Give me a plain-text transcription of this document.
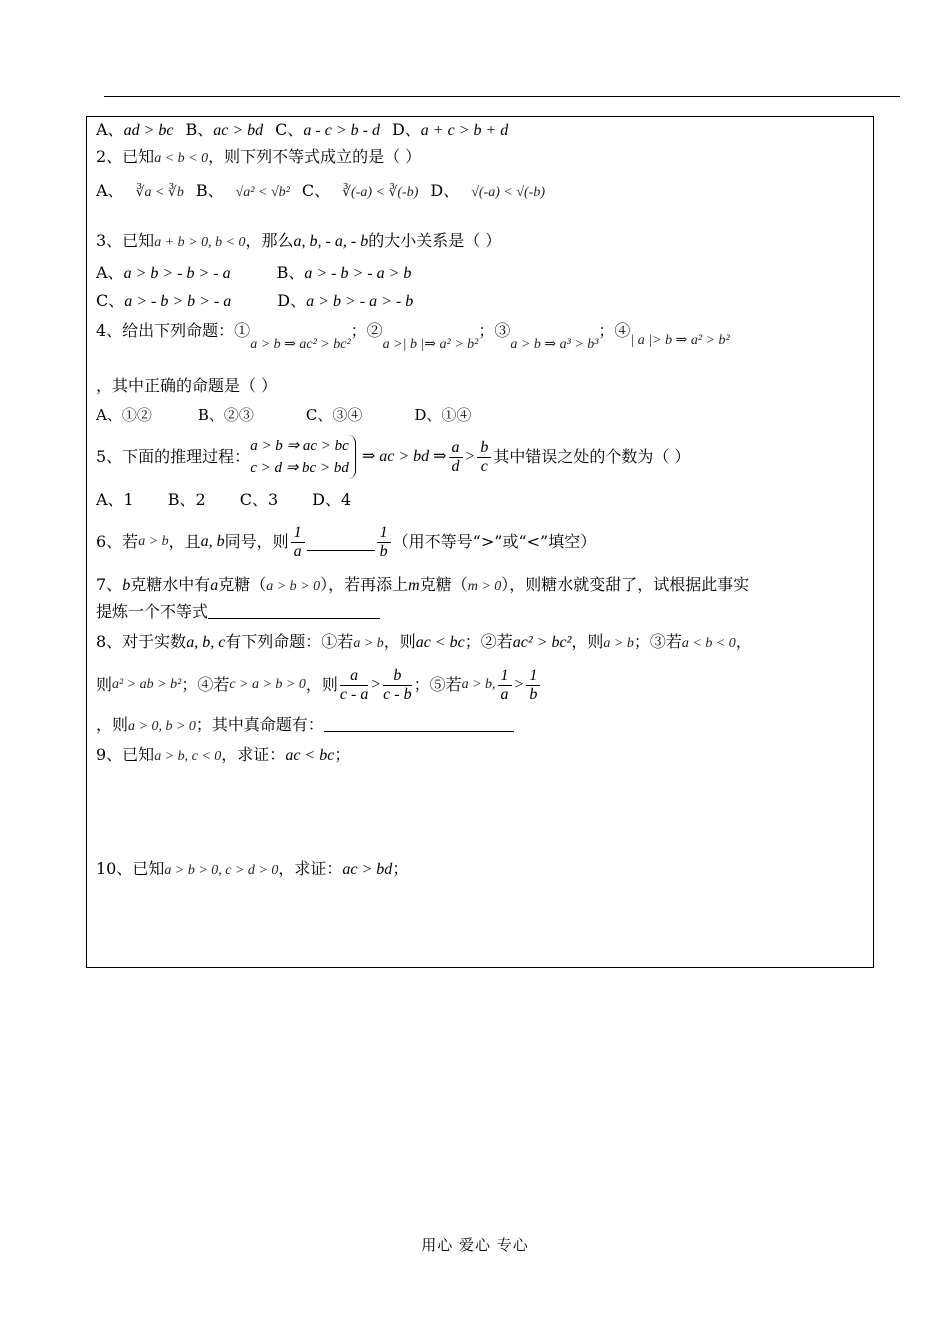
A、ad > bc B、ac > bd C、a - c > b - d D、a + c > b + d
2、已知a < b < 0，则下列不等式成立的是（ ）
A、 ∛a < ∛b B、 √a² < √b² C、 ∛(-a) < ∛(-b) D、 √(-a) < √(-b)
3、已知a + b > 0, b < 0，那么a, b, - a, - b的大小关系是（ ）
A、a > b > - b > - a	B、a > - b > - a > b
C、a > - b > b > - a	D、a > b > - a > - b
4、给出下列命题：①a > b ⇒ ac² > bc²；②a >| b |⇒ a² > b²；③a > b ⇒ a³ > b³；④| a |> b ⇒ a² > b²
，其中正确的命题是（ ）
A、①②	B、②③	C、③④	D、①④
5、下面的推理过程：
a > b ⇒ ac > bc
c > d ⇒ bc > bd
⇒ ac > bd ⇒ $\frac{a}{d} > \frac{b}{c}$ 其中错误之处的个数为（ ）
A、1 B、2 C、3 D、4
6、若 a > b ，且 a, b 同号，则 $\frac{1}{a}$	$\frac{1}{b}$ （用不等号“>”或“<”填空）
7、b克糖水中有a克糖（a > b > 0），若再添上m克糖（m > 0），则糖水就变甜了，试根据此事实
提炼一个不等式
8、对于实数a, b, c有下列命题：①若a > b，则ac < bc；②若ac² > bc²，则a > b；③若a < b < 0，
则 a² > ab > b² ；④若 c > a > b > 0 ，则 $\frac{a}{c - a} > \frac{b}{c - b}$ ；⑤若 a > b, $\frac{1}{a} > \frac{1}{b}$
，则a > 0, b > 0；其中真命题有：
9、已知a > b, c < 0，求证：ac < bc；
10、已知a > b > 0, c > d > 0，求证：ac > bd；
用心 爱心 专心
